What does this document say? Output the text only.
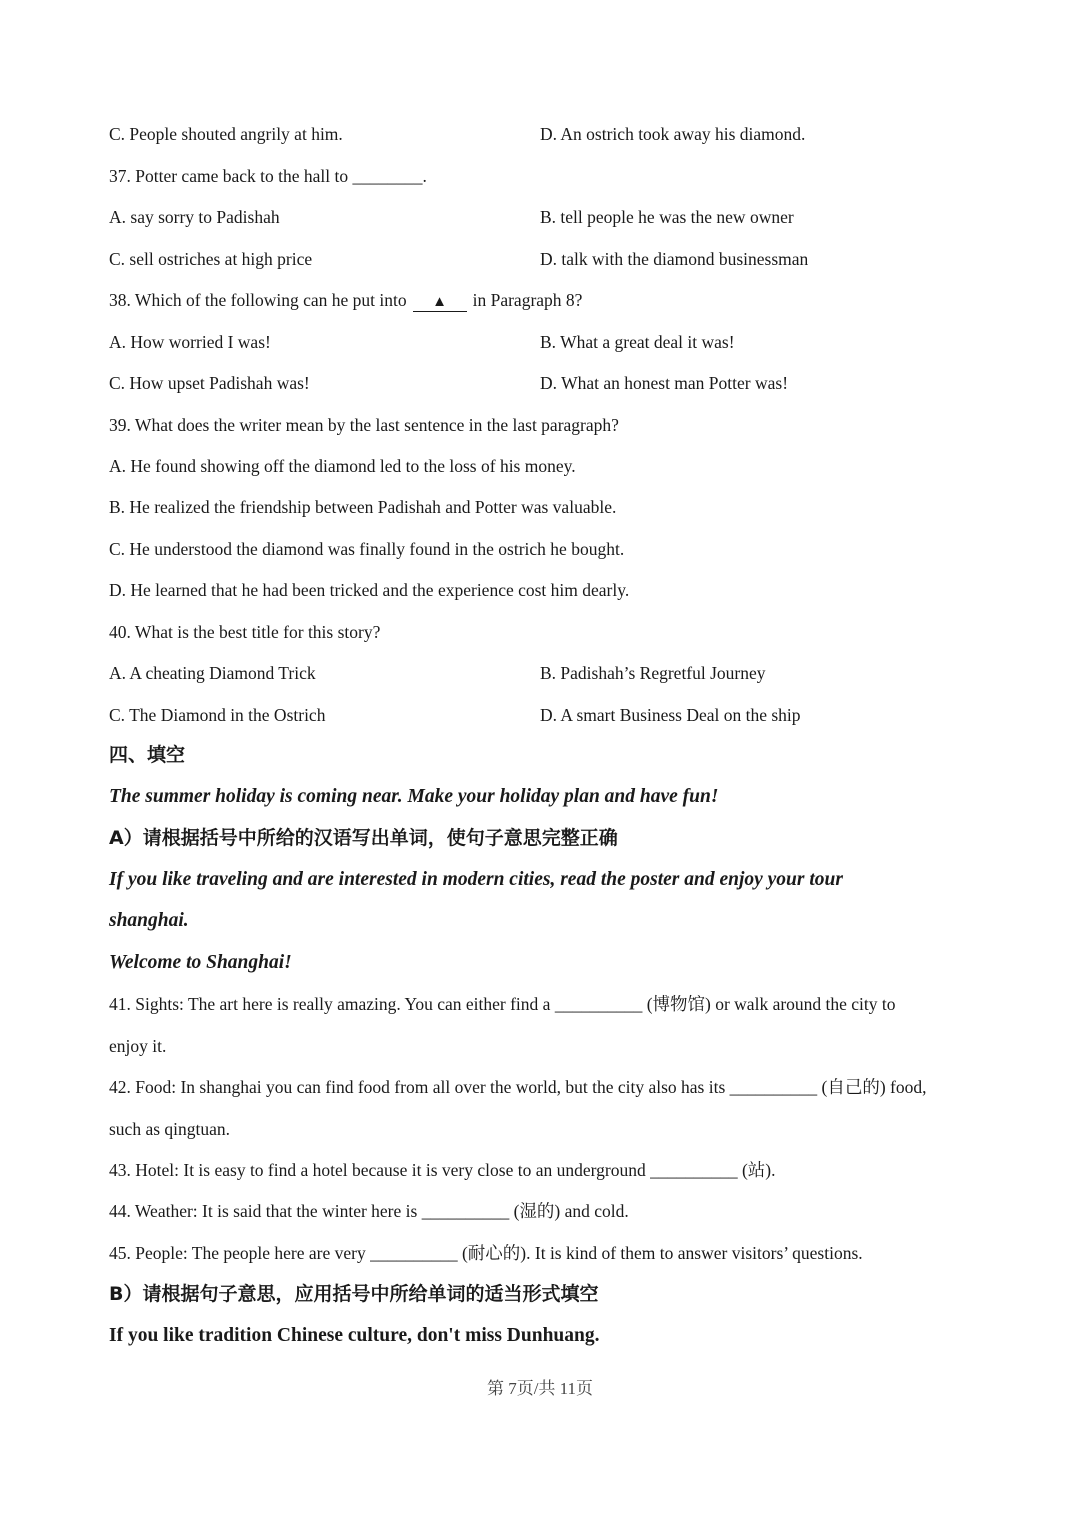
C. People shouted angrily at him.	D. An ostrich took away his diamond.
37. Potter came back to the hall to ________.
A. say sorry to Padishah	B. tell people he was the new owner
C. sell ostriches at high price	D. talk with the diamond businessman
38. Which of the following can he put into ▲ in Paragraph 8?
A. How worried I was!	B. What a great deal it was!
C. How upset Padishah was!	D. What an honest man Potter was!
39. What does the writer mean by the last sentence in the last paragraph?
A. He found showing off the diamond led to the loss of his money.
B. He realized the friendship between Padishah and Potter was valuable.
C. He understood the diamond was finally found in the ostrich he bought.
D. He learned that he had been tricked and the experience cost him dearly.
40. What is the best title for this story?
A. A cheating Diamond Trick	B. Padishah’s Regretful Journey
C. The Diamond in the Ostrich	D. A smart Business Deal on the ship
四、填空
The summer holiday is coming near. Make your holiday plan and have fun!
A）请根据括号中所给的汉语写出单词，使句子意思完整正确
If you like traveling and are interested in modern cities, read the poster and enjoy your tour
shanghai.
Welcome to Shanghai!
41. Sights: The art here is really amazing. You can either find a __________ (博物馆) or walk around the city to
enjoy it.
42. Food: In shanghai you can find food from all over the world, but the city also has its __________ (自己的) food,
such as qingtuan.
43. Hotel: It is easy to find a hotel because it is very close to an underground __________ (站).
44. Weather: It is said that the winter here is __________ (湿的) and cold.
45. People: The people here are very __________ (耐心的). It is kind of them to answer visitors’ questions.
B）请根据句子意思，应用括号中所给单词的适当形式填空
If you like tradition Chinese culture, don't miss Dunhuang.
第 7页/共 11页
